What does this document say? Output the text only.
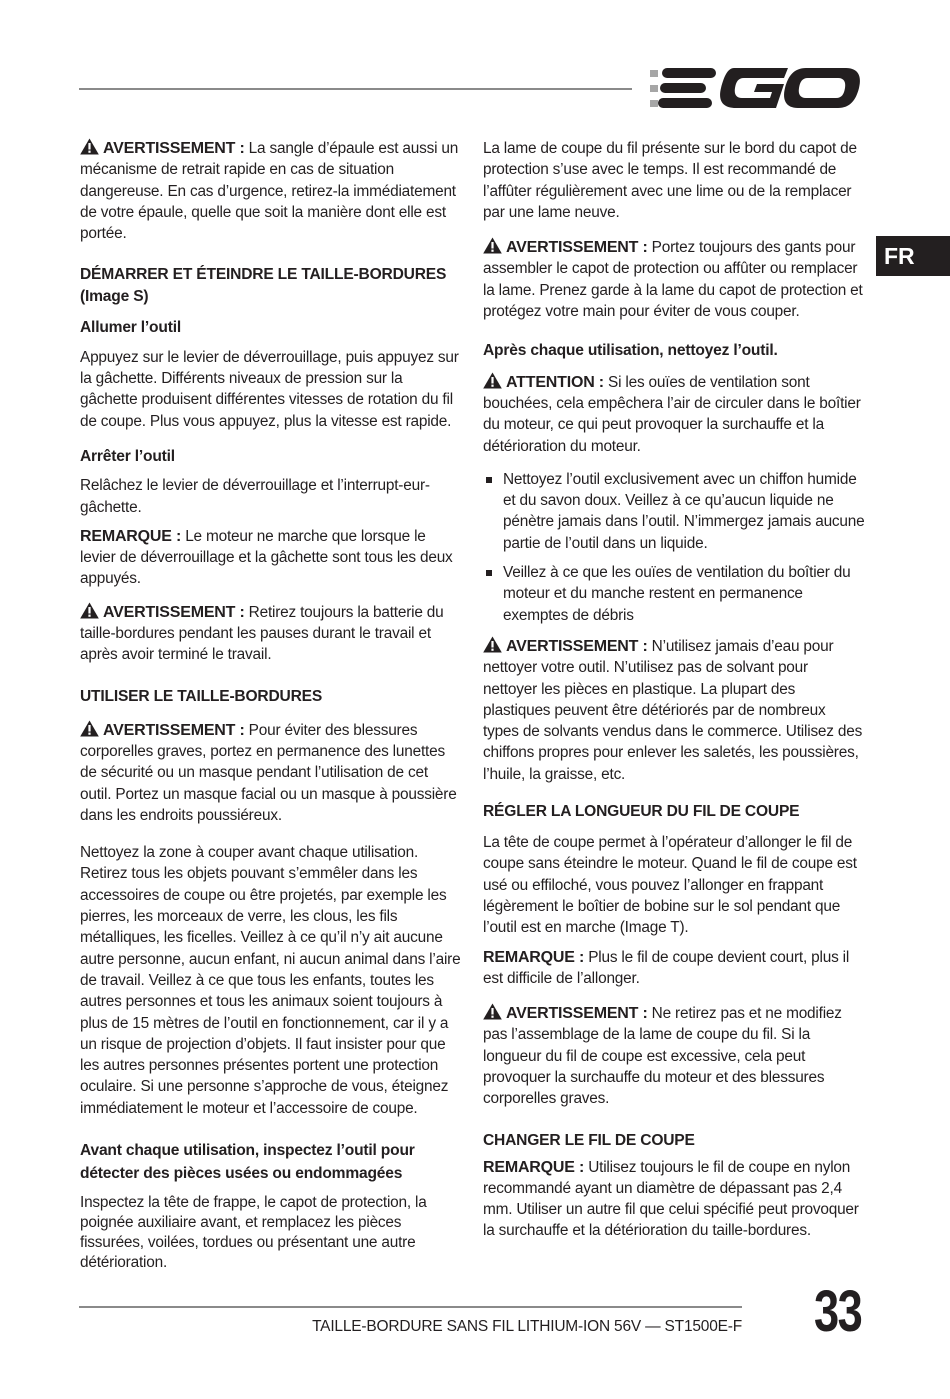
FR

AVERTISSEMENT : La sangle d’épaule est aussi un mécanisme de retrait rapide en cas de situation dangereuse. En cas d’urgence, retirez-la immédiatement de votre épaule, quelle que soit la manière dont elle est portée.

DÉMARRER ET ÉTEINDRE LE TAILLE-BORDURES (Image S)
Allumer l’outil

Appuyez sur le levier de déverrouillage, puis appuyez sur la gâchette. Différents niveaux de pression sur la gâchette produisent différentes vitesses de rotation du fil de coupe. Plus vous appuyez, plus la vitesse est rapide.

Arrêter l’outil

Relâchez le levier de déverrouillage et l’interrupt-eur-gâchette.

REMARQUE : Le moteur ne marche que lorsque le levier de déverrouillage et la gâchette sont tous les deux appuyés.

AVERTISSEMENT : Retirez toujours la batterie du taille-bordures pendant les pauses durant le travail et après avoir terminé le travail.

UTILISER LE TAILLE-BORDURES

AVERTISSEMENT : Pour éviter des blessures corporelles graves, portez en permanence des lunettes de sécurité ou un masque pendant l’utilisation de cet outil. Portez un masque facial ou un masque à poussière dans les endroits poussiéreux.

Nettoyez la zone à couper avant chaque utilisation. Retirez tous les objets pouvant s’emmêler dans les accessoires de coupe ou être projetés, par exemple les pierres, les morceaux de verre, les clous, les fils métalliques, les ficelles. Veillez à ce qu’il n’y ait aucune autre personne, aucun enfant, ni aucun animal dans l’aire de travail. Veillez à ce que tous les enfants, toutes les autres personnes et tous les animaux soient toujours à plus de 15 mètres de l’outil en fonctionnement, car il y a un risque de projection d’objets. Il faut insister pour que les autres personnes présentes portent une protection oculaire. Si une personne s’approche de vous, éteignez immédiatement le moteur et l’accessoire de coupe.

Avant chaque utilisation, inspectez l’outil pour détecter des pièces usées ou endommagées

Inspectez la tête de frappe, le capot de protection, la poignée auxiliaire avant, et remplacez les pièces fissurées, voilées, tordues ou présentant une autre détérioration.

La lame de coupe du fil présente sur le bord du capot de protection s’use avec le temps. Il est recommandé de l’affûter régulièrement avec une lime ou de la remplacer par une lame neuve.

AVERTISSEMENT : Portez toujours des gants pour assembler le capot de protection ou affûter ou remplacer la lame. Prenez garde à la lame du capot de protection et protégez votre main pour éviter de vous couper.

Après chaque utilisation, nettoyez l’outil.

ATTENTION : Si les ouïes de ventilation sont bouchées, cela empêchera l’air de circuler dans le boîtier du moteur, ce qui peut provoquer la surchauffe et la détérioration du moteur.

Nettoyez l’outil exclusivement avec un chiffon humide et du savon doux. Veillez à ce qu’aucun liquide ne pénètre jamais dans l’outil. N’immergez jamais aucune partie de l’outil dans un liquide.
Veillez à ce que les ouïes de ventilation du boîtier du moteur et du manche restent en permanence exemptes de débris

AVERTISSEMENT : N’utilisez jamais d’eau pour nettoyer votre outil. N’utilisez pas de solvant pour nettoyer les pièces en plastique. La plupart des plastiques peuvent être détériorés par de nombreux types de solvants vendus dans le commerce. Utilisez des chiffons propres pour enlever les saletés, les poussières, l’huile, la graisse, etc.

RÉGLER LA LONGUEUR DU FIL DE COUPE

La tête de coupe permet à l’opérateur d’allonger le fil de coupe sans éteindre le moteur. Quand le fil de coupe est usé ou effiloché, vous pouvez l’allonger en frappant légèrement le boîtier de bobine sur le sol pendant que l’outil est en marche (Image T).

REMARQUE : Plus le fil de coupe devient court, plus il est difficile de l’allonger.

AVERTISSEMENT : Ne retirez pas et ne modifiez pas l’assemblage de la lame de coupe du fil. Si la longueur du fil de coupe est excessive, cela peut provoquer la surchauffe du moteur et des blessures corporelles graves.

CHANGER LE FIL DE COUPE

REMARQUE : Utilisez toujours le fil de coupe en nylon recommandé ayant un diamètre de dépassant pas 2,4 mm. Utiliser un autre fil que celui spécifié peut provoquer la surchauffe et la détérioration du taille-bordures.

TAILLE-BORDURE SANS FIL LITHIUM-ION 56V — ST1500E-F 33
